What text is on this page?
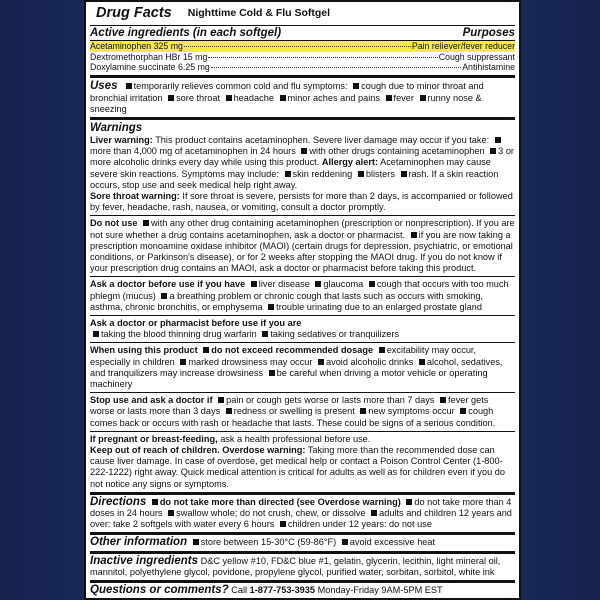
Drug Facts Nighttime Cold & Flu Softgel
Active ingredients (in each softgel)	Purposes
Acetaminophen 325 mg	Pain reliever/fever reducer
Dextromethorphan HBr 15 mg	Cough suppressant
Doxylamine succinate 6.25 mg	Antihistamine

Uses temporarily relieves common cold and flu symptoms: cough due to minor throat and bronchial irritation sore throat headache minor aches and pains fever runny nose & sneezing

Warnings

Liver warning: This product contains acetaminophen. Severe liver damage may occur if you take: more than 4,000 mg of acetaminophen in 24 hours with other drugs containing acetaminophen 3 or more alcoholic drinks every day while using this product. Allergy alert: Acetaminophen may cause severe skin reactions. Symptoms may include: skin reddening blisters rash. If a skin reaction occurs, stop use and seek medical help right away.

Sore throat warning: If sore throat is severe, persists for more than 2 days, is accompanied or followed by fever, headache, rash, nausea, or vomiting, consult a doctor promptly.

Do not use with any other drug containing acetaminophen (prescription or nonprescription). If you are not sure whether a drug contains acetaminophen, ask a doctor or pharmacist. if you are now taking a prescription monoamine oxidase inhibitor (MAOI) (certain drugs for depression, psychiatric, or emotional conditions, or Parkinson's disease), or for 2 weeks after stopping the MAOI drug. If you do not know if your prescription drug contains an MAOI, ask a doctor or pharmacist before taking this product.

Ask a doctor before use if you have liver disease glaucoma cough that occurs with too much phlegm (mucus) a breathing problem or chronic cough that lasts such as occurs with smoking, asthma, chronic bronchitis, or emphysema trouble urinating due to an enlarged prostate gland

Ask a doctor or pharmacist before use if you are
taking the blood thinning drug warfarin taking sedatives or tranquilizers

When using this product do not exceed recommended dosage excitability may occur, especially in children marked drowsiness may occur avoid alcoholic drinks alcohol, sedatives, and tranquilizers may increase drowsiness be careful when driving a motor vehicle or operating machinery

Stop use and ask a doctor if pain or cough gets worse or lasts more than 7 days fever gets worse or lasts more than 3 days redness or swelling is present new symptoms occur cough comes back or occurs with rash or headache that lasts. These could be signs of a serious condition.

If pregnant or breast-feeding, ask a health professional before use.

Keep out of reach of children. Overdose warning: Taking more than the recommended dose can cause liver damage. In case of overdose, get medical help or contact a Poison Control Center (1-800-222-1222) right away. Quick medical attention is critical for adults as well as for children even if you do not notice any signs or symptoms.

Directions do not take more than directed (see Overdose warning) do not take more than 4 doses in 24 hours swallow whole; do not crush, chew, or dissolve adults and children 12 years and over: take 2 softgels with water every 6 hours children under 12 years: do not use

Other information store between 15-30°C (59-86°F) avoid excessive heat

Inactive ingredients D&C yellow #10, FD&C blue #1, gelatin, glycerin, lecithin, light mineral oil, mannitol, polyethylene glycol, povidone, propylene glycol, purified water, sorbitan, sorbitol, white ink

Questions or comments? Call 1-877-753-3935 Monday-Friday 9AM-5PM EST
